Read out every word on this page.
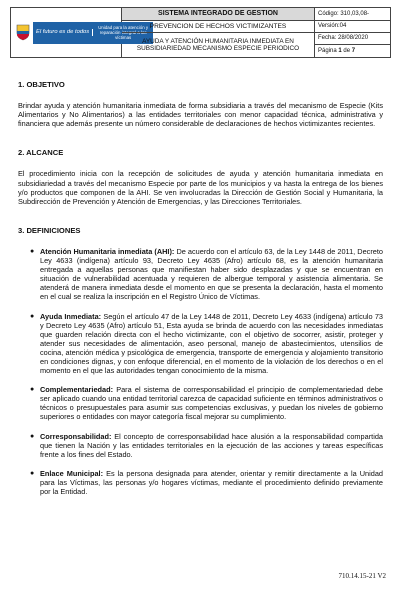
El futuro es de todos
Unidad para la atención y reparación integral a las víctimas
SISTEMA INTEGRADO DE GESTION
PREVENCION DE HECHOS VICTIMIZANTES
AYUDA Y ATENCIÓN HUMANITARIA INMEDIATA EN SUBSIDIARIEDAD MECANISMO ESPECIE PERIODICO
Código: 310,03,08-
Versión:04
Fecha: 28/08/2020
Página
1
de
7
1. OBJETIVO
Brindar ayuda y atención humanitaria inmediata de forma subsidiaria a través del mecanismo de Especie (Kits Alimentarios y No Alimentarios) a las entidades territoriales con menor capacidad técnica, administrativa y financiera que además presente un número considerable de declaraciones de hechos victimizantes recientes.
2. ALCANCE
El procedimiento inicia con la recepción de solicitudes de ayuda y atención humanitaria inmediata en subsidiariedad a través del mecanismo Especie por parte de los municipios y va hasta la entrega de los bienes y/o productos que componen de la AHI. Se ven involucradas la Dirección de Gestión Social y Humanitaria, la Subdirección de Prevención y Atención de Emergencias, y las Direcciones Territoriales.
3. DEFINICIONES
● Atención Humanitaria inmediata (AHI): De acuerdo con el artículo 63, de la Ley 1448 de 2011, Decreto Ley 4633 (indígena) artículo 93, Decreto Ley 4635 (Afro) artículo 68, es la atención humanitaria entregada a aquellas personas que manifiestan haber sido desplazadas y que se encuentran en situación de vulnerabilidad acentuada y requieren de albergue temporal y asistencia alimentaria. Se atenderá de manera inmediata desde el momento en que se presenta la declaración, hasta el momento en el cual se realiza la inscripción en el Registro Único de Víctimas.
● Ayuda Inmediata: Según el artículo 47 de la Ley 1448 de 2011, Decreto Ley 4633 (indígena) artículo 73 y Decreto Ley 4635 (Afro) artículo 51, Esta ayuda se brinda de acuerdo con las necesidades inmediatas que guarden relación directa con el hecho victimizante, con el objetivo de socorrer, asistir, proteger y atender sus necesidades de alimentación, aseo personal, manejo de abastecimientos, utensilios de cocina, atención médica y psicológica de emergencia, transporte de emergencia y alojamiento transitorio en condiciones dignas, y con enfoque diferencial, en el momento de la violación de los derechos o en el momento en el que las autoridades tengan conocimiento de la misma.
● Complementariedad: Para el sistema de corresponsabilidad el principio de complementariedad debe ser aplicado cuando una entidad territorial carezca de capacidad suficiente en términos administrativos o técnicos o presupuestales para asumir sus competencias exclusivas, y puedan los niveles de gobierno superiores o entidades con mayor categoría fiscal mejorar su cumplimiento.
● Corresponsabilidad: El concepto de corresponsabilidad hace alusión a la responsabilidad compartida que tienen la Nación y las entidades territoriales en la ejecución de las acciones y tareas específicas frente a los fines del Estado.
● Enlace Municipal: Es la persona designada para atender, orientar y remitir directamente a la Unidad para las Víctimas, las personas y/o hogares víctimas, mediante el procedimiento definido previamente por la Entidad.
710.14.15-21 V2
